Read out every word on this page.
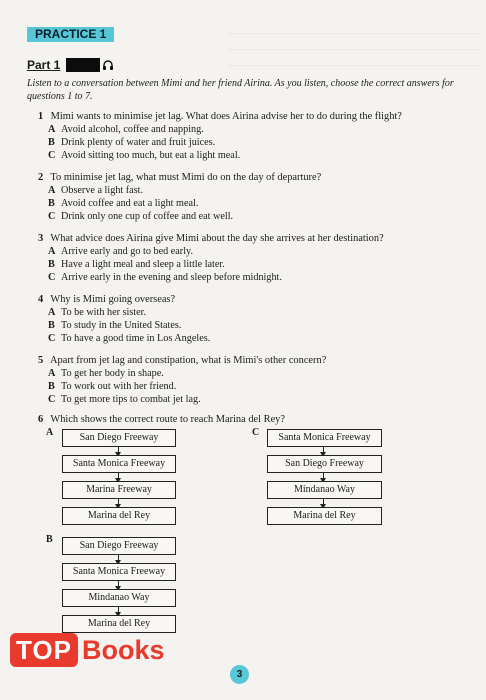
PRACTICE 1
Part 1
Listen to a conversation between Mimi and her friend Airina. As you listen, choose the correct answers for questions 1 to 7.
1 Mimi wants to minimise jet lag. What does Airina advise her to do during the flight?
A Avoid alcohol, coffee and napping.
B Drink plenty of water and fruit juices.
C Avoid sitting too much, but eat a light meal.
2 To minimise jet lag, what must Mimi do on the day of departure?
A Observe a light fast.
B Avoid coffee and eat a light meal.
C Drink only one cup of coffee and eat well.
3 What advice does Airina give Mimi about the day she arrives at her destination?
A Arrive early and go to bed early.
B Have a light meal and sleep a little later.
C Arrive early in the evening and sleep before midnight.
4 Why is Mimi going overseas?
A To be with her sister.
B To study in the United States.
C To have a good time in Los Angeles.
5 Apart from jet lag and constipation, what is Mimi's other concern?
A To get her body in shape.
B To work out with her friend.
C To get more tips to combat jet lag.
6 Which shows the correct route to reach Marina del Rey?
A	San Diego Freeway
Santa Monica Freeway
Marina Freeway
Marina del Rey
C	Santa Monica Freeway
San Diego Freeway
Mindanao Way
Marina del Rey
B
San Diego Freeway
Santa Monica Freeway
Mindanao Way
Marina del Rey
TOP Books
3
